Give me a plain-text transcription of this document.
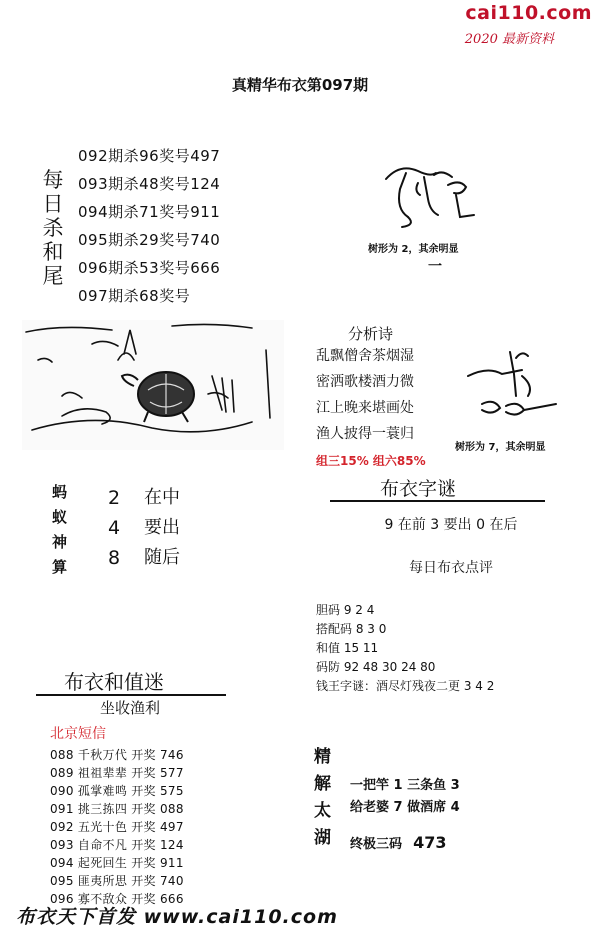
cai110.com
2020 最新资料
真精华布衣第097期
每
日
杀
和
尾
092期杀96奖号497
093期杀48奖号124
094期杀71奖号911
095期杀29奖号740
096期杀53奖号666
097期杀68奖号
树形为 2，其余明显
一
分析诗
乱飘僧舍茶烟湿
密洒歌楼酒力微
江上晚来堪画处
渔人披得一蓑归
组三15% 组六85%
树形为 7，其余明显
布衣字谜
9 在前 3 要出 0 在后
每日布衣点评
胆码 9 2 4
搭配码 8 3 0
和值 15 11
码防 92 48 30 24 80
钱王字谜：酒尽灯残夜二更 3 4 2
蚂
蚁
神
算
2
4
8
在中
要出
随后
布衣和值迷
坐收渔利
北京短信
088 千秋万代 开奖 746
089 祖祖辈辈 开奖 577
090 孤掌难鸣 开奖 575
091 挑三拣四 开奖 088
092 五光十色 开奖 497
093 自命不凡 开奖 124
094 起死回生 开奖 911
095 匪夷所思 开奖 740
096 寡不敌众 开奖 666
精
解
太
湖
一把竿 1 三条鱼 3
给老婆 7 做酒席 4
终极三码 473
布衣天下首发 www.cai110.com
